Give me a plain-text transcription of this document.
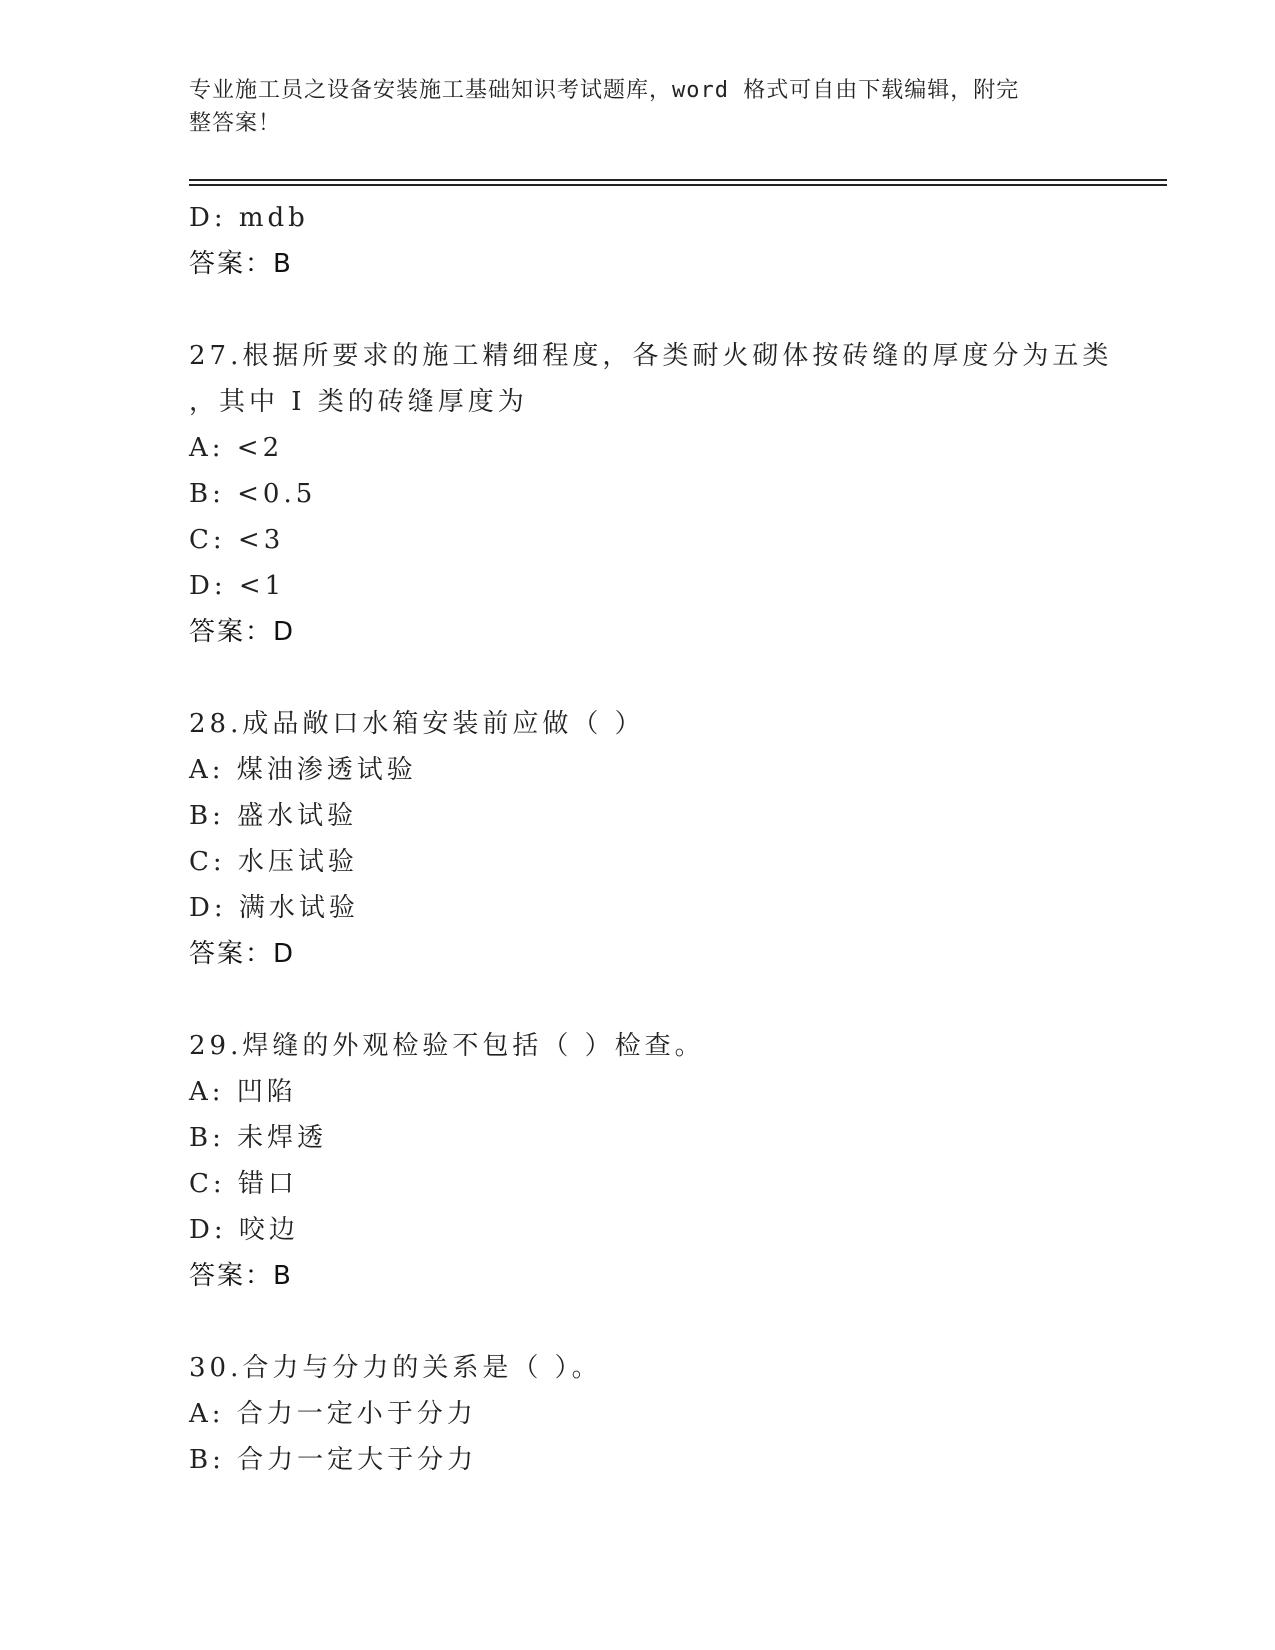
专业施工员之设备安装施工基础知识考试题库，word 格式可自由下载编辑，附完
整答案！
D: mdb
答案：B
27.根据所要求的施工精细程度，各类耐火砌体按砖缝的厚度分为五类
，其中 I 类的砖缝厚度为
A: <2
B: <0.5
C: <3
D: <1
答案：D
28.成品敞口水箱安装前应做（ ）
A: 煤油渗透试验
B: 盛水试验
C: 水压试验
D: 满水试验
答案：D
29.焊缝的外观检验不包括（ ）检查。
A: 凹陷
B: 未焊透
C: 错口
D: 咬边
答案：B
30.合力与分力的关系是（ ）。
A: 合力一定小于分力
B: 合力一定大于分力
